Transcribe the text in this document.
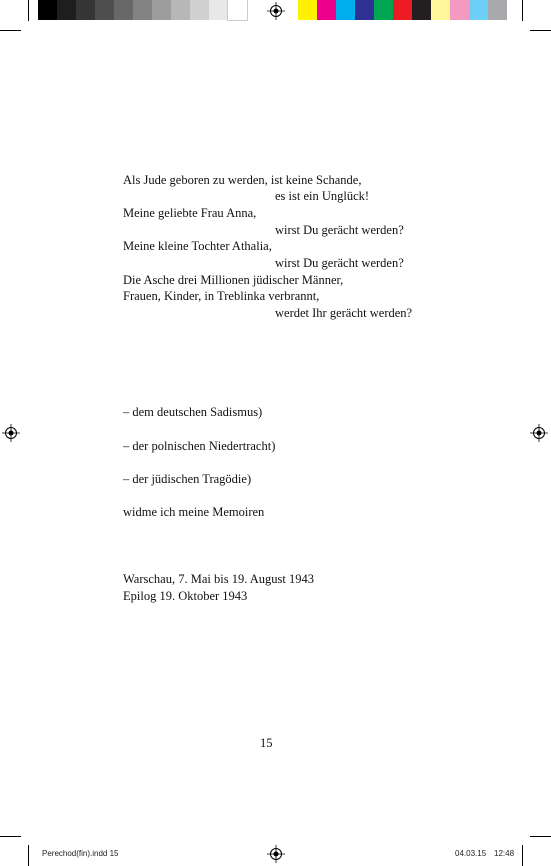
Als Jude geboren zu werden, ist keine Schande,
es ist ein Unglück!
Meine geliebte Frau Anna,
wirst Du gerächt werden?
Meine kleine Tochter Athalia,
wirst Du gerächt werden?
Die Asche drei Millionen jüdischer Männer,
Frauen, Kinder, in Treblinka verbrannt,
werdet Ihr gerächt werden?
– dem deutschen Sadismus)
– der polnischen Niedertracht)
– der jüdischen Tragödie)
widme ich meine Memoiren
Warschau, 7. Mai bis 19. August 1943
Epilog 19. Oktober 1943
15
Perechod(fin).indd 15	04.03.15 12:48
